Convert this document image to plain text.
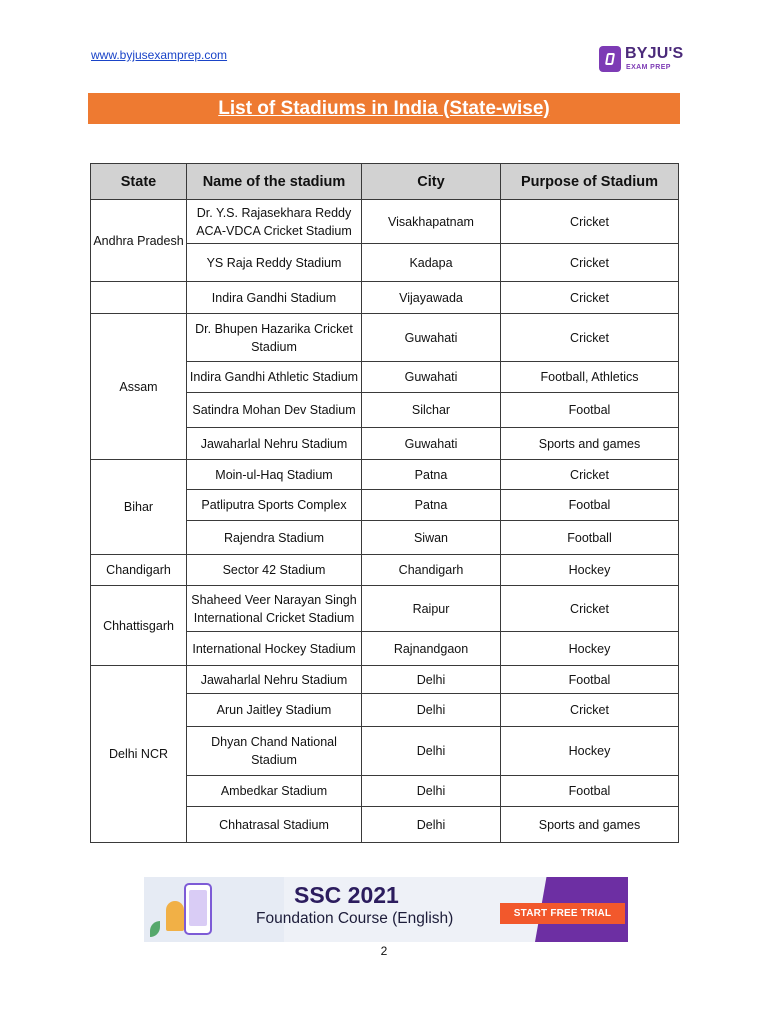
www.byjusexamprep.com	BYJU'S
EXAM PREP
List of Stadiums in India (State-wise)
State	Name of the stadium	City	Purpose of Stadium
Andhra Pradesh	Dr. Y.S. Rajasekhara Reddy ACA-VDCA Cricket Stadium	Visakhapatnam	Cricket
	YS Raja Reddy Stadium	Kadapa	Cricket
	Indira Gandhi Stadium	Vijayawada	Cricket
Assam	Dr. Bhupen Hazarika Cricket Stadium	Guwahati	Cricket
	Indira Gandhi Athletic Stadium	Guwahati	Football, Athletics
	Satindra Mohan Dev Stadium	Silchar	Footbal
	Jawaharlal Nehru Stadium	Guwahati	Sports and games
Bihar	Moin-ul-Haq Stadium	Patna	Cricket
	Patliputra Sports Complex	Patna	Footbal
	Rajendra Stadium	Siwan	Football
Chandigarh	Sector 42 Stadium	Chandigarh	Hockey
Chhattisgarh	Shaheed Veer Narayan Singh International Cricket Stadium	Raipur	Cricket
	International Hockey Stadium	Rajnandgaon	Hockey
Delhi NCR	Jawaharlal Nehru Stadium	Delhi	Footbal
	Arun Jaitley Stadium	Delhi	Cricket
	Dhyan Chand National Stadium	Delhi	Hockey
	Ambedkar Stadium	Delhi	Footbal
	Chhatrasal Stadium	Delhi	Sports and games
SSC 2021
Foundation Course (English)	START FREE TRIAL
2
